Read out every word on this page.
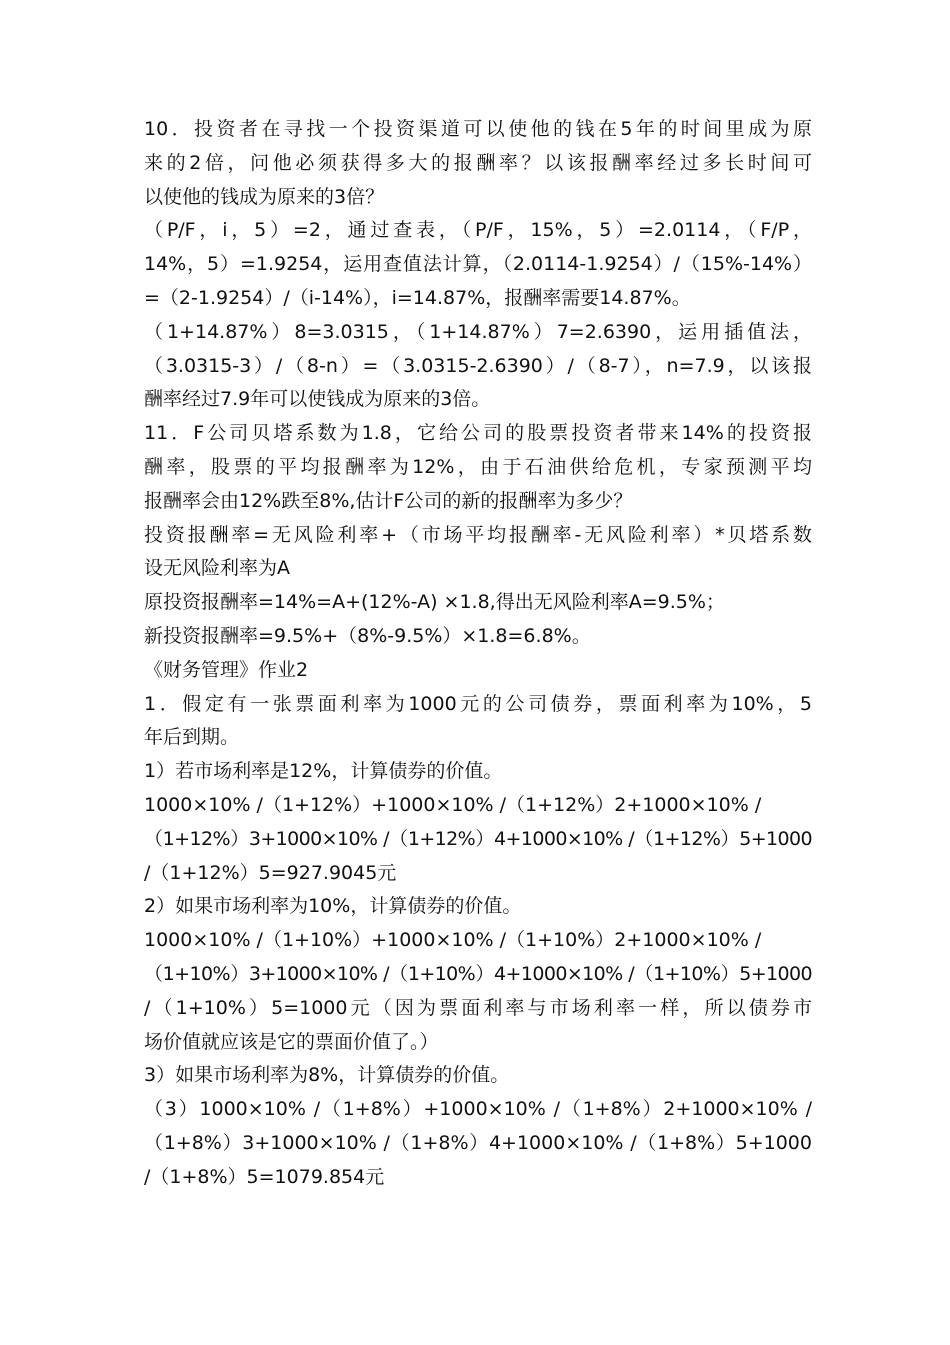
10．投资者在寻找一个投资渠道可以使他的钱在5年的时间里成为原
来的2倍，问他必须获得多大的报酬率？以该报酬率经过多长时间可
以使他的钱成为原来的3倍？
（P/F，i，5）=2，通过查表，（P/F，15%，5）=2.0114，（F/P，
14%，5）=1.9254，运用查值法计算，（2.0114-1.9254）/（15%-14%）
=（2-1.9254）/（i-14%），i=14.87%，报酬率需要14.87%。
（1+14.87%）8=3.0315，（1+14.87%）7=2.6390，运用插值法，
（3.0315-3）/（8-n）=（3.0315-2.6390）/（8-7），n=7.9，以该报
酬率经过7.9年可以使钱成为原来的3倍。
11．F公司贝塔系数为1.8，它给公司的股票投资者带来14%的投资报
酬率，股票的平均报酬率为12%，由于石油供给危机，专家预测平均
报酬率会由12%跌至8%,估计F公司的新的报酬率为多少？
投资报酬率=无风险利率+（市场平均报酬率-无风险利率）*贝塔系数
设无风险利率为A
原投资报酬率=14%=A+(12%-A) ×1.8,得出无风险利率A=9.5%；
新投资报酬率=9.5%+（8%-9.5%）×1.8=6.8%。
《财务管理》作业2
1．假定有一张票面利率为1000元的公司债券，票面利率为10%，5
年后到期。
1）若市场利率是12%，计算债券的价值。
1000×10% /（1+12%）+1000×10% /（1+12%）2+1000×10% /
（1+12%）3+1000×10% /（1+12%）4+1000×10% /（1+12%）5+1000
/（1+12%）5=927.9045元
2）如果市场利率为10%，计算债券的价值。
1000×10% /（1+10%）+1000×10% /（1+10%）2+1000×10% /
（1+10%）3+1000×10% /（1+10%）4+1000×10% /（1+10%）5+1000
/（1+10%）5=1000元（因为票面利率与市场利率一样，所以债券市
场价值就应该是它的票面价值了。）
3）如果市场利率为8%，计算债券的价值。
（3）1000×10% /（1+8%）+1000×10% /（1+8%）2+1000×10% /
（1+8%）3+1000×10% /（1+8%）4+1000×10% /（1+8%）5+1000
/（1+8%）5=1079.854元
